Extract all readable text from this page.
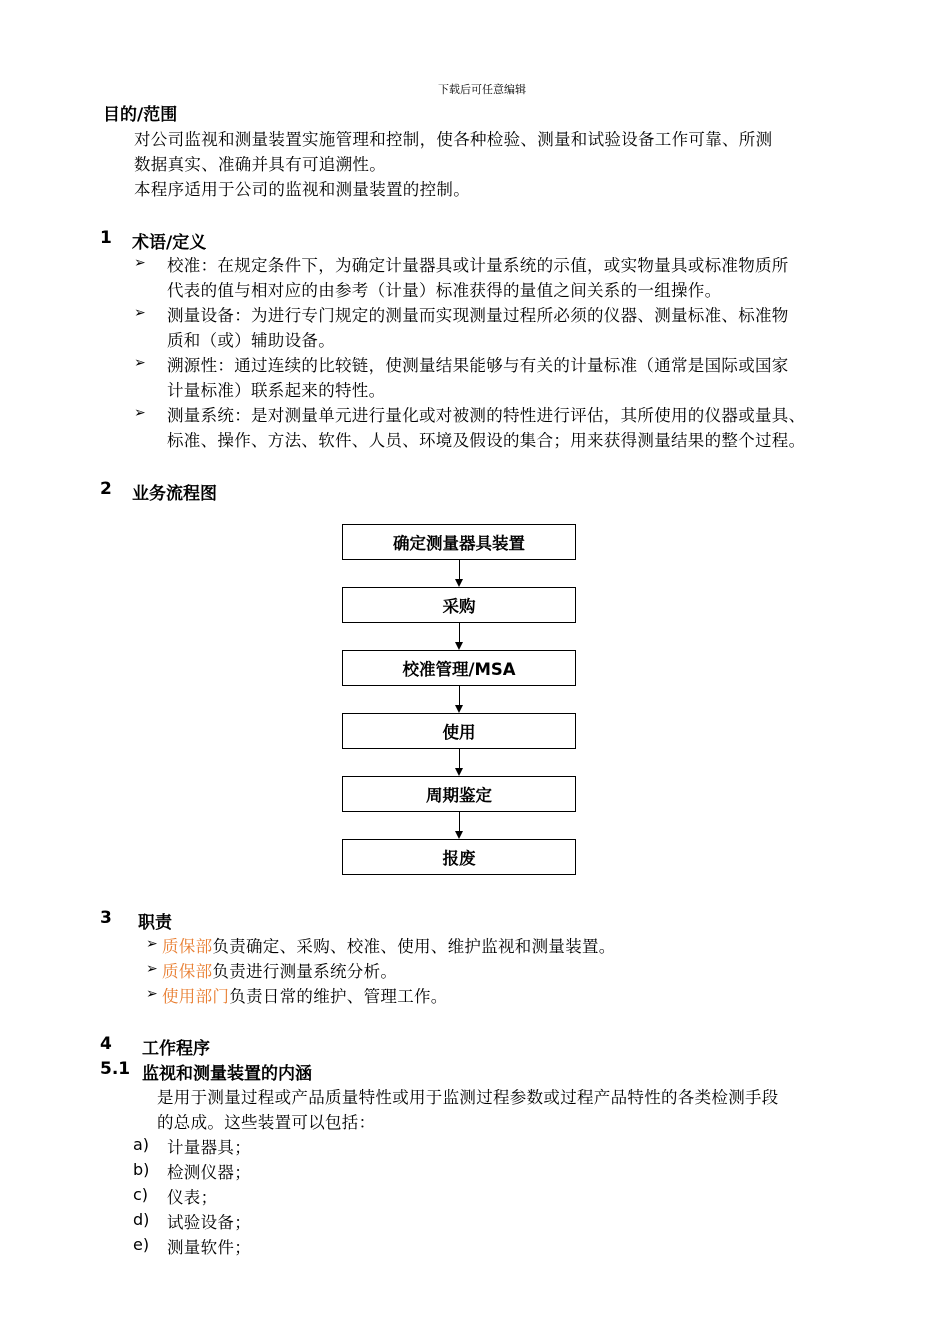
下载后可任意编辑
目的/范围
对公司监视和测量装置实施管理和控制，使各种检验、测量和试验设备工作可靠、所测
数据真实、准确并具有可追溯性。
本程序适用于公司的监视和测量装置的控制。
1 术语/定义
➢ 校准：在规定条件下，为确定计量器具或计量系统的示值，或实物量具或标准物质所
代表的值与相对应的由参考（计量）标准获得的量值之间关系的一组操作。
➢ 测量设备：为进行专门规定的测量而实现测量过程所必须的仪器、测量标准、标准物
质和（或）辅助设备。
➢ 溯源性：通过连续的比较链，使测量结果能够与有关的计量标准（通常是国际或国家
计量标准）联系起来的特性。
➢ 测量系统：是对测量单元进行量化或对被测的特性进行评估，其所使用的仪器或量具、
标准、操作、方法、软件、人员、环境及假设的集合；用来获得测量结果的整个过程。
2 业务流程图
确定测量器具装置
采购
校准管理/MSA
使用
周期鉴定
报废
3 职责
➢ 质保部负责确定、采购、校准、使用、维护监视和测量装置。
➢ 质保部负责进行测量系统分析。
➢ 使用部门负责日常的维护、管理工作。
4 工作程序
5.1 监视和测量装置的内涵
是用于测量过程或产品质量特性或用于监测过程参数或过程产品特性的各类检测手段
的总成。这些装置可以包括：
a) 计量器具；
b) 检测仪器；
c) 仪表；
d) 试验设备；
e) 测量软件；
